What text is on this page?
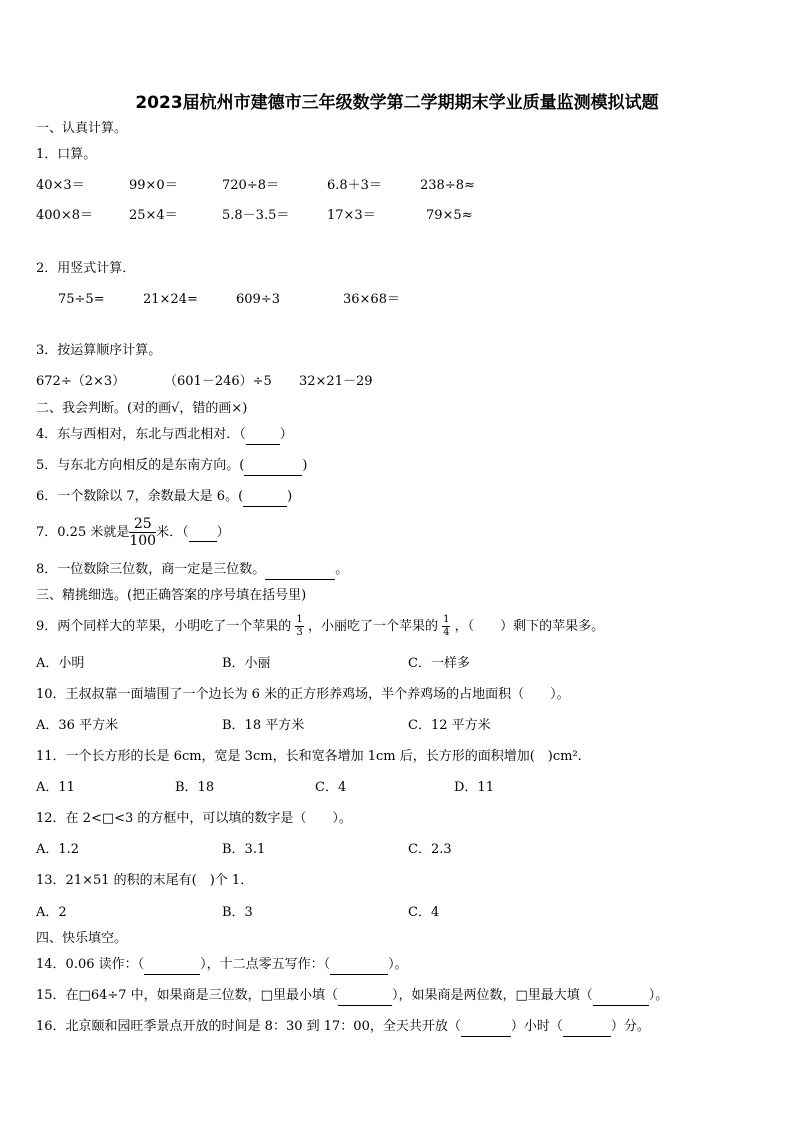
2023届杭州市建德市三年级数学第二学期期末学业质量监测模拟试题
一、认真计算。
1．口算。
40×3＝	99×0＝	720÷8＝	6.8＋3＝	238÷8≈
400×8＝	25×4＝	5.8－3.5＝	17×3＝	79×5≈
2．用竖式计算．
75÷5=	21×24=	609÷3	36×68＝
3．按运算顺序计算。
672÷（2×3）	（601－246）÷5 32×21－29
二、我会判断。(对的画√，错的画×)
4．东与西相对，东北与西北相对．（	）
5．与东北方向相反的是东南方向。(	)
6．一个数除以 7，余数最大是 6。(	)
7．0.25 米就是 $\frac{25}{100}$ 米．（ ）
8．一位数除三位数，商一定是三位数。	。
三、精挑细选。(把正确答案的序号填在括号里)
9．两个同样大的苹果，小明吃了一个苹果的 $\frac{1}{3}$ ，小丽吃了一个苹果的 $\frac{1}{4}$ ，（　　）剩下的苹果多。
A．小明	B．小丽	C．一样多
10．王叔叔靠一面墙围了一个边长为 6 米的正方形养鸡场，半个养鸡场的占地面积（　　）。
A．36 平方米	B．18 平方米	C．12 平方米
11．一个长方形的长是 6cm，宽是 3cm，长和宽各增加 1cm 后，长方形的面积增加(　)cm².
A．11	B．18	C．4	D．11
12．在 2<□<3 的方框中，可以填的数字是（　　）。
A．1.2	B．3.1	C．2.3
13．21×51 的积的末尾有(　)个 1．
A．2	B．3	C．4
四、快乐填空。
14．0.06 读作：（	），十二点零五写作：（	）。
15．在□64÷7 中，如果商是三位数，□里最小填（	），如果商是两位数，□里最大填（	）。
16．北京颐和园旺季景点开放的时间是 8：30 到 17：00，全天共开放（	）小时（	）分。
